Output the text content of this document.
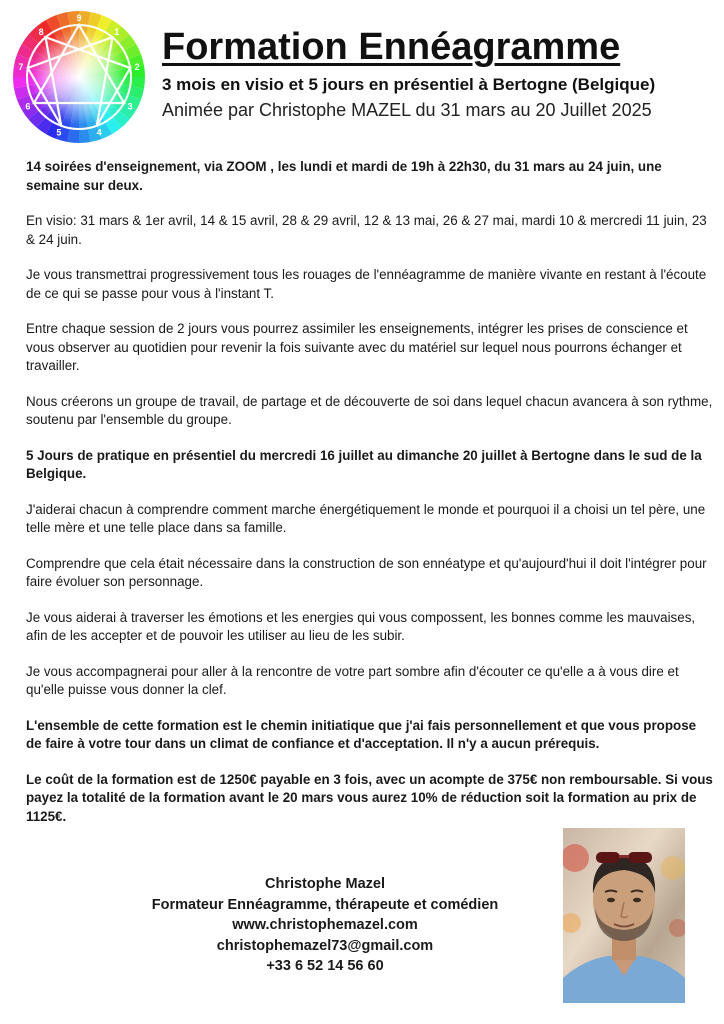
9
1
2
3
4
5
6
7
8	Formation Ennéagramme
3 mois en visio et 5 jours en présentiel à Bertogne (Belgique)
Animée par Christophe MAZEL du 31 mars au 20 Juillet 2025

14 soirées d'enseignement, via ZOOM , les lundi et mardi de 19h à 22h30, du 31 mars au 24 juin, une semaine sur deux.

En visio: 31 mars & 1er avril, 14 & 15 avril, 28 & 29 avril, 12 & 13 mai, 26 & 27 mai, mardi 10 & mercredi 11 juin, 23 & 24 juin.

Je vous transmettrai progressivement tous les rouages de l'ennéagramme de manière vivante en restant à l'écoute de ce qui se passe pour vous à l'instant T.

Entre chaque session de 2 jours vous pourrez assimiler les enseignements, intégrer les prises de conscience et vous observer au quotidien pour revenir la fois suivante avec du matériel sur lequel nous pourrons échanger et travailler.

Nous créerons un groupe de travail, de partage et de découverte de soi dans lequel chacun avancera à son rythme, soutenu par l'ensemble du groupe.

5 Jours de pratique en présentiel du mercredi 16 juillet au dimanche 20 juillet à Bertogne dans le sud de la Belgique.

J'aiderai chacun à comprendre comment marche énergétiquement le monde et pourquoi il a choisi un tel père, une telle mère et une telle place dans sa famille.

Comprendre que cela était nécessaire dans la construction de son ennéatype et qu'aujourd'hui il doit l'intégrer pour faire évoluer son personnage.

Je vous aiderai à traverser les émotions et les energies qui vous compossent, les bonnes comme les mauvaises, afin de les accepter et de pouvoir les utiliser au lieu de les subir.

Je vous accompagnerai pour aller à la rencontre de votre part sombre afin d'écouter ce qu'elle a à vous dire et qu'elle puisse vous donner la clef.

L'ensemble de cette formation est le chemin initiatique que j'ai fais personnellement et que vous propose de faire à votre tour dans un climat de confiance et d'acceptation. Il n'y a aucun prérequis.

Le coût de la formation est de 1250€ payable en 3 fois, avec un acompte de 375€ non remboursable. Si vous payez la totalité de la formation avant le 20 mars vous aurez 10% de réduction soit la formation au prix de 1125€.

Christophe Mazel
Formateur Ennéagramme, thérapeute et comédien
www.christophemazel.com
christophemazel73@gmail.com
+33 6 52 14 56 60
